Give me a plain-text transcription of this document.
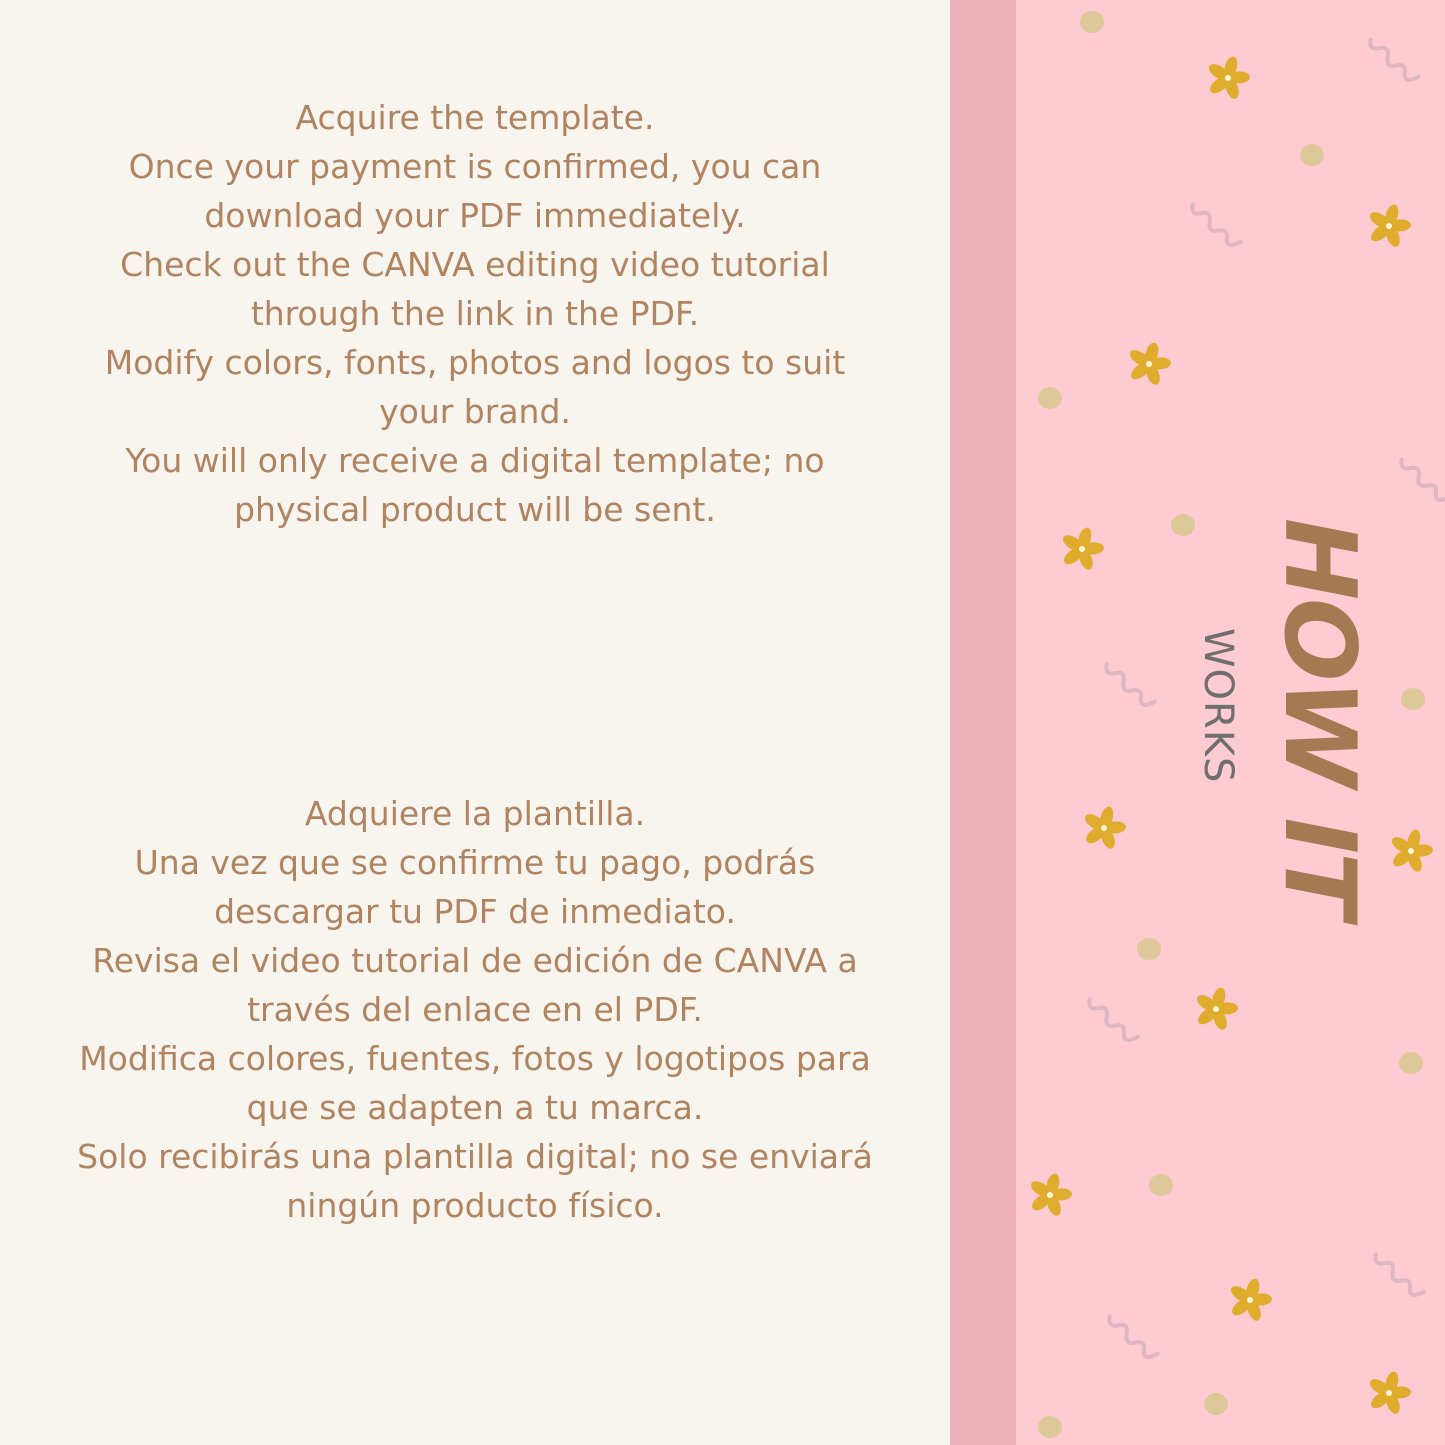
Acquire the template.
Once your payment is confirmed, you can
download your PDF immediately.
Check out the CANVA editing video tutorial
through the link in the PDF.
Modify colors, fonts, photos and logos to suit
your brand.
You will only receive a digital template; no
physical product will be sent.
Adquiere la plantilla.
Una vez que se confirme tu pago, podrás
descargar tu PDF de inmediato.
Revisa el video tutorial de edición de CANVA a
través del enlace en el PDF.
Modifica colores, fuentes, fotos y logotipos para
que se adapten a tu marca.
Solo recibirás una plantilla digital; no se enviará
ningún producto físico.
HOW IT
WORKS
